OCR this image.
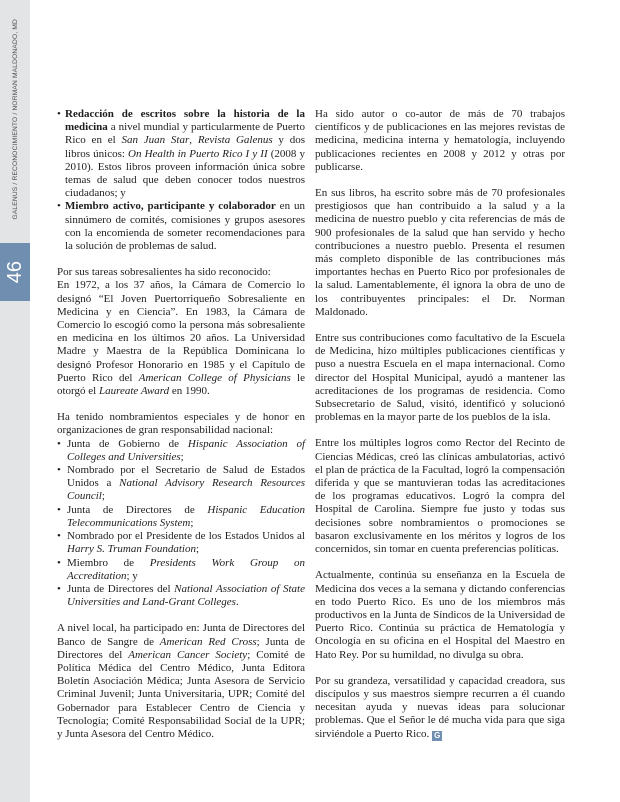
GALENUS / RECONOCIMIENTO / NORMAN MALDONADO, MD
46
• Redacción de escritos sobre la historia de la medicina a nivel mundial y particularmente de Puerto Rico en el San Juan Star, Revista Galenus y dos libros únicos: On Health in Puerto Rico I y II (2008 y 2010). Estos libros proveen información única sobre temas de salud que deben conocer todos nuestros ciudadanos; y
• Miembro activo, participante y colaborador en un sinnúmero de comités, comisiones y grupos asesores con la encomienda de someter recomendaciones para la solución de problemas de salud.

Por sus tareas sobresalientes ha sido reconocido:

En 1972, a los 37 años, la Cámara de Comercio lo designó “El Joven Puertorriqueño Sobresaliente en Medicina y en Ciencia”. En 1983, la Cámara de Comercio lo escogió como la persona más sobresaliente en medicina en los últimos 20 años. La Universidad Madre y Maestra de la República Dominicana lo designó Profesor Honorario en 1985 y el Capítulo de Puerto Rico del American College of Physicians le otorgó el Laureate Award en 1990.

Ha tenido nombramientos especiales y de honor en organizaciones de gran responsabilidad nacional:

• Junta de Gobierno de Hispanic Association of Colleges and Universities;
• Nombrado por el Secretario de Salud de Estados Unidos a National Advisory Research Resources Council;
• Junta de Directores de Hispanic Education Telecommunications System;
• Nombrado por el Presidente de los Estados Unidos al Harry S. Truman Foundation;
• Miembro de Presidents Work Group on Accreditation; y
• Junta de Directores del National Association of State Universities and Land-Grant Colleges.

A nivel local, ha participado en: Junta de Directores del Banco de Sangre de American Red Cross; Junta de Directores del American Cancer Society; Comité de Política Médica del Centro Médico, Junta Editora Boletín Asociación Médica; Junta Asesora de Servicio Criminal Juvenil; Junta Universitaria, UPR; Comité del Gobernador para Establecer Centro de Ciencia y Tecnología; Comité Responsabilidad Social de la UPR; y Junta Asesora del Centro Médico.

Ha sido autor o co-autor de más de 70 trabajos científicos y de publicaciones en las mejores revistas de medicina, medicina interna y hematología, incluyendo publicaciones recientes en 2008 y 2012 y otras por publicarse.

En sus libros, ha escrito sobre más de 70 profesionales prestigiosos que han contribuido a la salud y a la medicina de nuestro pueblo y cita referencias de más de 900 profesionales de la salud que han servido y hecho contribuciones a nuestro pueblo. Presenta el resumen más completo disponible de las contribuciones más importantes hechas en Puerto Rico por profesionales de la salud. Lamentablemente, él ignora la obra de uno de los contribuyentes principales: el Dr. Norman Maldonado.

Entre sus contribuciones como facultativo de la Escuela de Medicina, hizo múltiples publicaciones científicas y puso a nuestra Escuela en el mapa internacional. Como director del Hospital Municipal, ayudó a mantener las acreditaciones de los programas de residencia. Como Subsecretario de Salud, visitó, identificó y solucionó problemas en la mayor parte de los pueblos de la isla.

Entre los múltiples logros como Rector del Recinto de Ciencias Médicas, creó las clínicas ambulatorias, activó el plan de práctica de la Facultad, logró la compensación diferida y que se mantuvieran todas las acreditaciones de los programas educativos. Logró la compra del Hospital de Carolina. Siempre fue justo y todas sus decisiones sobre nombramientos o promociones se basaron exclusivamente en los méritos y logros de los concernidos, sin tomar en cuenta preferencias políticas.

Actualmente, continúa su enseñanza en la Escuela de Medicina dos veces a la semana y dictando conferencias en todo Puerto Rico. Es uno de los miembros más productivos en la Junta de Síndicos de la Universidad de Puerto Rico. Continúa su práctica de Hematología y Oncología en su oficina en el Hospital del Maestro en Hato Rey. Por su humildad, no divulga su obra.

Por su grandeza, versatilidad y capacidad creadora, sus discípulos y sus maestros siempre recurren a él cuando necesitan ayuda y nuevas ideas para solucionar problemas. Que el Señor le dé mucha vida para que siga sirviéndole a Puerto Rico. G
